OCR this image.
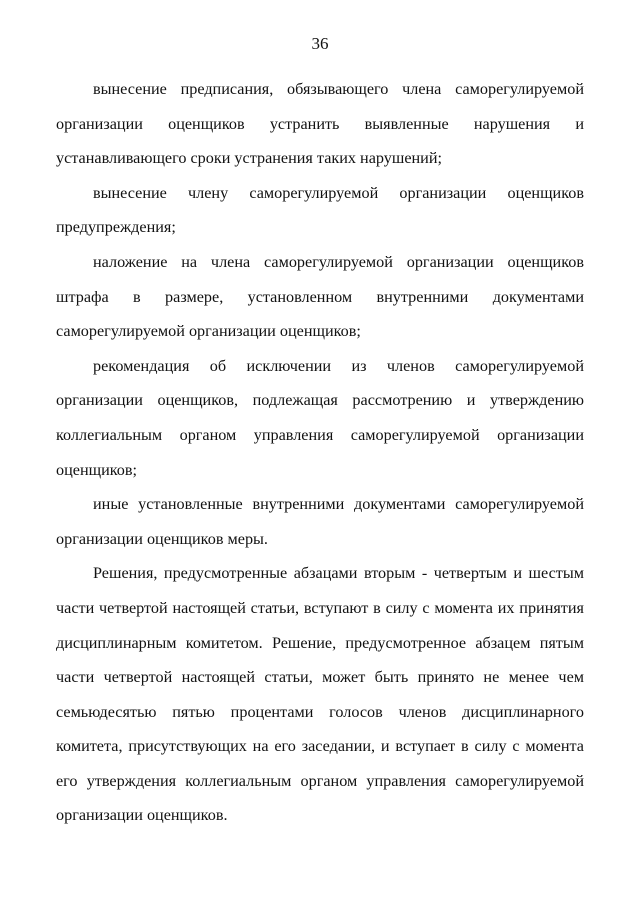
36

вынесение предписания, обязывающего члена саморегулируемой организации оценщиков устранить выявленные нарушения и устанавливающего сроки устранения таких нарушений;

вынесение члену саморегулируемой организации оценщиков предупреждения;

наложение на члена саморегулируемой организации оценщиков штрафа в размере, установленном внутренними документами саморегулируемой организации оценщиков;

рекомендация об исключении из членов саморегулируемой организации оценщиков, подлежащая рассмотрению и утверждению коллегиальным органом управления саморегулируемой организации оценщиков;

иные установленные внутренними документами саморегулируемой организации оценщиков меры.

Решения, предусмотренные абзацами вторым - четвертым и шестым части четвертой настоящей статьи, вступают в силу с момента их принятия дисциплинарным комитетом. Решение, предусмотренное абзацем пятым части четвертой настоящей статьи, может быть принято не менее чем семьюдесятью пятью процентами голосов членов дисциплинарного комитета, присутствующих на его заседании, и вступает в силу с момента его утверждения коллегиальным органом управления саморегулируемой организации оценщиков.
